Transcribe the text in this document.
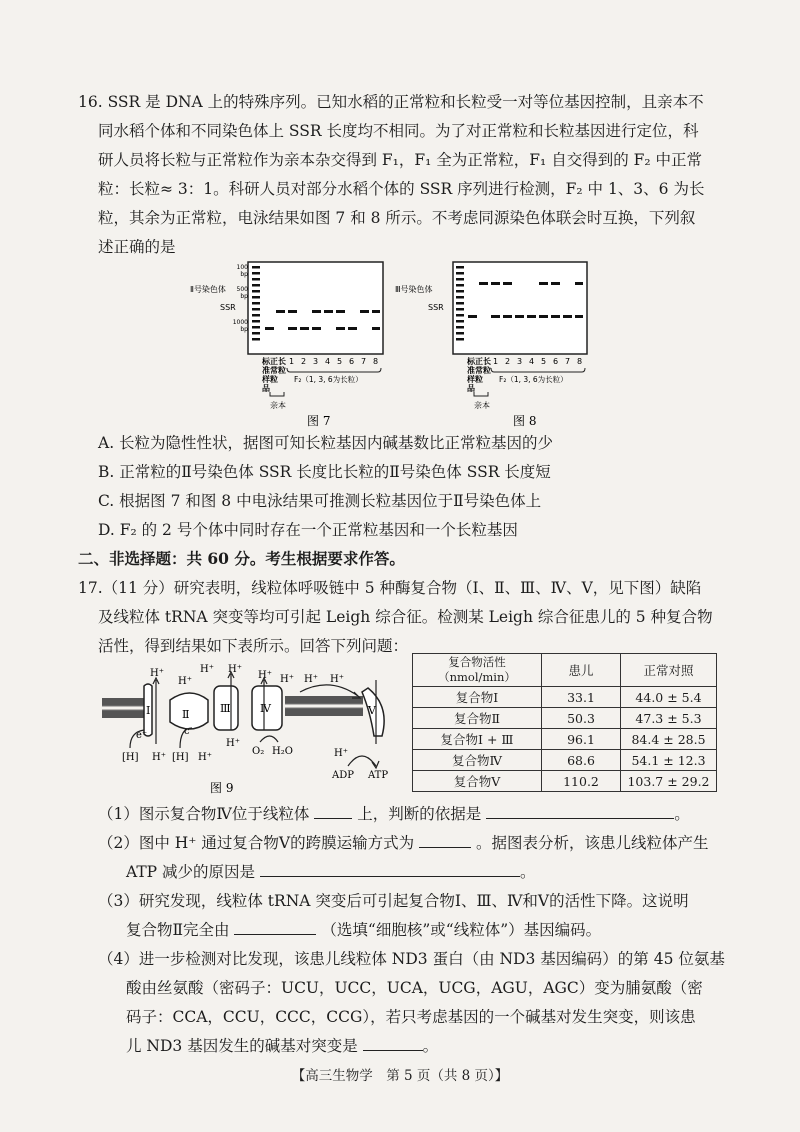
16. SSR 是 DNA 上的特殊序列。已知水稻的正常粒和长粒受一对等位基因控制，且亲本不
同水稻个体和不同染色体上 SSR 长度均不相同。为了对正常粒和长粒基因进行定位，科
研人员将长粒与正常粒作为亲本杂交得到 F₁，F₁ 全为正常粒，F₁ 自交得到的 F₂ 中正常
粒：长粒≈ 3：1。科研人员对部分水稻个体的 SSR 序列进行检测，F₂ 中 1、3、6 为长
粒，其余为正常粒，电泳结果如图 7 和 8 所示。不考虑同源染色体联会时互换，下列叙
述正确的是
Ⅱ号染色体
SSR
100
bp
500
bp
1000
bp
标正长
准常粒
样粒
品
1 2 3 4 5 6 7 8
F₂（1, 3, 6为长粒）
亲本
图 7
Ⅲ号染色体
SSR
标正长
准常粒
样粒
品
1 2 3 4 5 6 7 8
F₂（1, 3, 6为长粒）
亲本
图 8
A. 长粒为隐性性状，据图可知长粒基因内碱基数比正常粒基因的少
B. 正常粒的Ⅱ号染色体 SSR 长度比长粒的Ⅱ号染色体 SSR 长度短
C. 根据图 7 和图 8 中电泳结果可推测长粒基因位于Ⅱ号染色体上
D. F₂ 的 2 号个体中同时存在一个正常粒基因和一个长粒基因
二、非选择题：共 60 分。考生根据要求作答。
17.（11 分）研究表明，线粒体呼吸链中 5 种酶复合物（Ⅰ、Ⅱ、Ⅲ、Ⅳ、Ⅴ，见下图）缺陷
及线粒体 tRNA 突变等均可引起 Leigh 综合征。检测某 Leigh 综合征患儿的 5 种复合物
活性，得到结果如下表所示。回答下列问题：
Ⅰ	Ⅱ	Ⅲ	Ⅳ	Ⅴ
H⁺
H⁺
H⁺ H⁺
H⁺ H⁺ H⁺ H⁺
H⁺	H⁺
H⁺
H⁺
[H]	[H]
e⁻	c
O₂ H₂O
ADP ATP
图 9
复合物活性（nmol/min）	患儿	正常对照
复合物Ⅰ	33.1	44.0 ± 5.4
复合物Ⅱ	50.3	47.3 ± 5.3
复合物Ⅰ + Ⅲ	96.1	84.4 ± 28.5
复合物Ⅳ	68.6	54.1 ± 12.3
复合物Ⅴ	110.2	103.7 ± 29.2
（1）图示复合物Ⅳ位于线粒体	上，判断的依据是	。
（2）图中 H⁺ 通过复合物Ⅴ的跨膜运输方式为	。据图表分析，该患儿线粒体产生
ATP 减少的原因是	。
（3）研究发现，线粒体 tRNA 突变后可引起复合物Ⅰ、Ⅲ、Ⅳ和Ⅴ的活性下降。这说明
复合物Ⅱ完全由	（选填“细胞核”或“线粒体”）基因编码。
（4）进一步检测对比发现，该患儿线粒体 ND3 蛋白（由 ND3 基因编码）的第 45 位氨基
酸由丝氨酸（密码子：UCU，UCC，UCA，UCG，AGU，AGC）变为脯氨酸（密
码子：CCA，CCU，CCC，CCG），若只考虑基因的一个碱基对发生突变，则该患
儿 ND3 基因发生的碱基对突变是	。
【高三生物学　第 5 页（共 8 页）】
